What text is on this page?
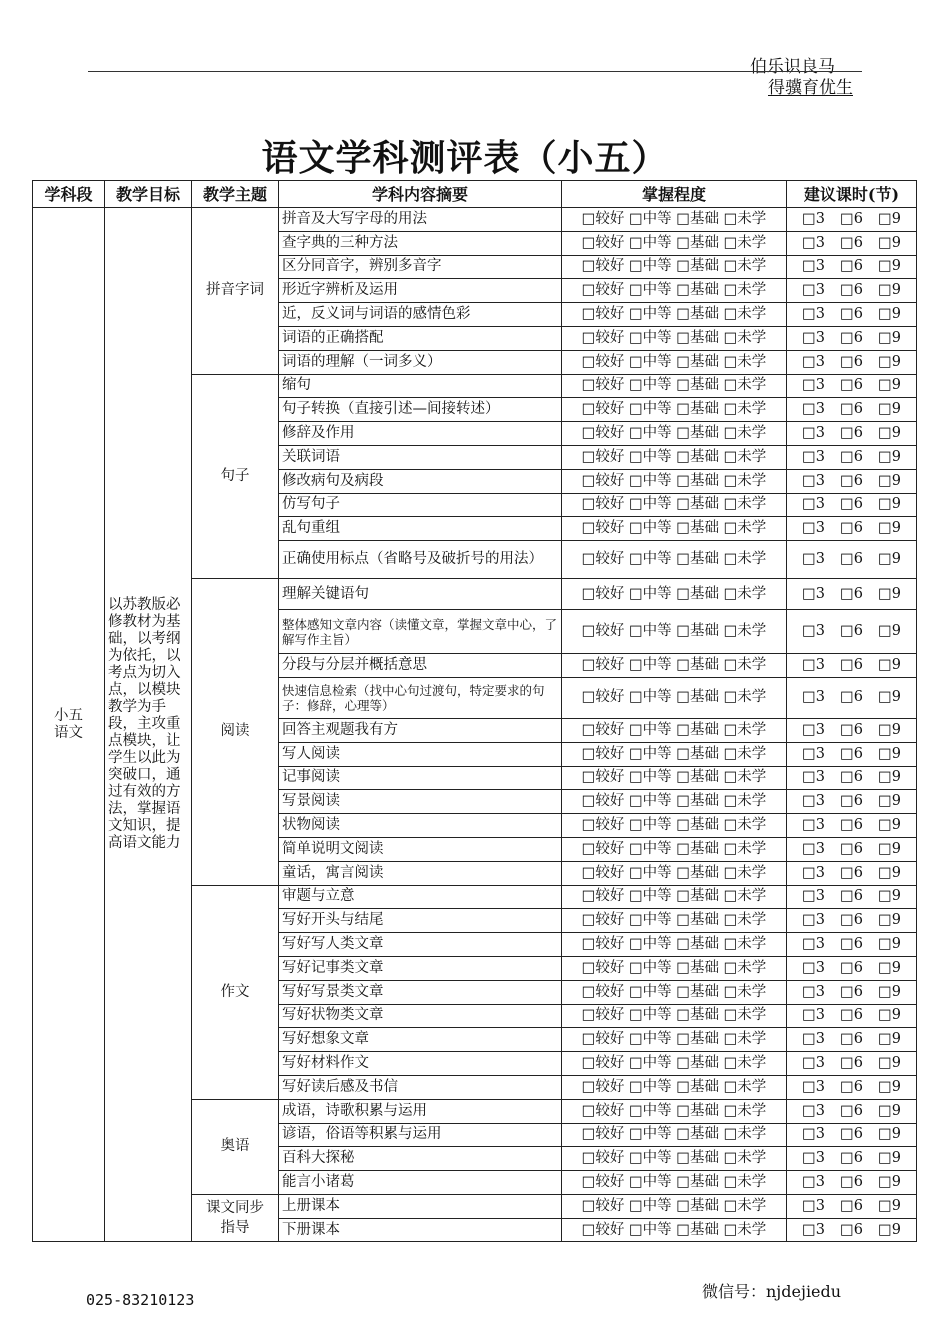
伯乐识良马
得骥育优生
语文学科测评表（小五）
学科段	教学目标	教学主题	学科内容摘要	掌握程度	建议课时(节)
小五
语文	以苏教版必修教材为基础，以考纲为依托，以考点为切入点，以模块教学为手段，主攻重点模块，让学生以此为突破口，通过有效的方法，掌握语文知识，提高语文能力	拼音字词	拼音及大写字母的用法	□较好 □中等 □基础 □未学	□3 □6 □9
			查字典的三种方法	□较好 □中等 □基础 □未学	□3 □6 □9
			区分同音字，辨别多音字	□较好 □中等 □基础 □未学	□3 □6 □9
			形近字辨析及运用	□较好 □中等 □基础 □未学	□3 □6 □9
			近，反义词与词语的感情色彩	□较好 □中等 □基础 □未学	□3 □6 □9
			词语的正确搭配	□较好 □中等 □基础 □未学	□3 □6 □9
			词语的理解（一词多义）	□较好 □中等 □基础 □未学	□3 □6 □9
		句子	缩句	□较好 □中等 □基础 □未学	□3 □6 □9
			句子转换（直接引述—间接转述）	□较好 □中等 □基础 □未学	□3 □6 □9
			修辞及作用	□较好 □中等 □基础 □未学	□3 □6 □9
			关联词语	□较好 □中等 □基础 □未学	□3 □6 □9
			修改病句及病段	□较好 □中等 □基础 □未学	□3 □6 □9
			仿写句子	□较好 □中等 □基础 □未学	□3 □6 □9
			乱句重组	□较好 □中等 □基础 □未学	□3 □6 □9
			正确使用标点（省略号及破折号的用法）	□较好 □中等 □基础 □未学	□3 □6 □9
		阅读	理解关键语句	□较好 □中等 □基础 □未学	□3 □6 □9
			整体感知文章内容（读懂文章，掌握文章中心，了解写作主旨）	□较好 □中等 □基础 □未学	□3 □6 □9
			分段与分层并概括意思	□较好 □中等 □基础 □未学	□3 □6 □9
			快速信息检索（找中心句过渡句，特定要求的句子：修辞，心理等）	□较好 □中等 □基础 □未学	□3 □6 □9
			回答主观题我有方	□较好 □中等 □基础 □未学	□3 □6 □9
			写人阅读	□较好 □中等 □基础 □未学	□3 □6 □9
			记事阅读	□较好 □中等 □基础 □未学	□3 □6 □9
			写景阅读	□较好 □中等 □基础 □未学	□3 □6 □9
			状物阅读	□较好 □中等 □基础 □未学	□3 □6 □9
			简单说明文阅读	□较好 □中等 □基础 □未学	□3 □6 □9
			童话，寓言阅读	□较好 □中等 □基础 □未学	□3 □6 □9
		作文	审题与立意	□较好 □中等 □基础 □未学	□3 □6 □9
			写好开头与结尾	□较好 □中等 □基础 □未学	□3 □6 □9
			写好写人类文章	□较好 □中等 □基础 □未学	□3 □6 □9
			写好记事类文章	□较好 □中等 □基础 □未学	□3 □6 □9
			写好写景类文章	□较好 □中等 □基础 □未学	□3 □6 □9
			写好状物类文章	□较好 □中等 □基础 □未学	□3 □6 □9
			写好想象文章	□较好 □中等 □基础 □未学	□3 □6 □9
			写好材料作文	□较好 □中等 □基础 □未学	□3 □6 □9
			写好读后感及书信	□较好 □中等 □基础 □未学	□3 □6 □9
		奥语	成语，诗歌积累与运用	□较好 □中等 □基础 □未学	□3 □6 □9
			谚语，俗语等积累与运用	□较好 □中等 □基础 □未学	□3 □6 □9
			百科大探秘	□较好 □中等 □基础 □未学	□3 □6 □9
			能言小诸葛	□较好 □中等 □基础 □未学	□3 □6 □9
		课文同步指导	上册课本	□较好 □中等 □基础 □未学	□3 □6 □9
			下册课本	□较好 □中等 □基础 □未学	□3 □6 □9
025-83210123	微信号：njdejiedu
